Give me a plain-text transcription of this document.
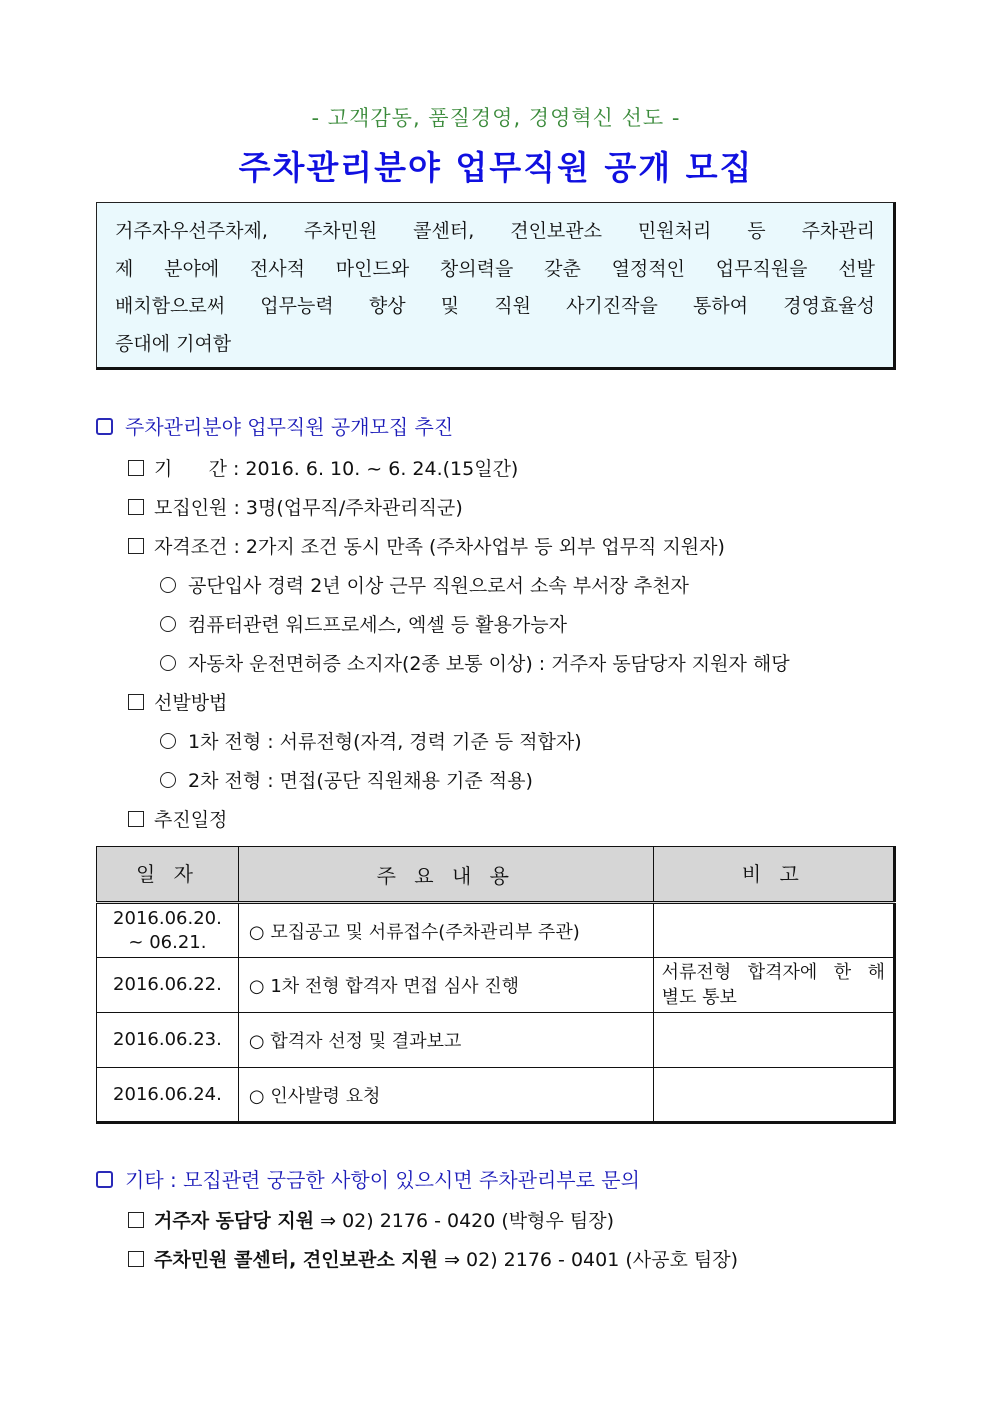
- 고객감동, 품질경영, 경영혁신 선도 -
주차관리분야 업무직원 공개 모집
거주자우선주차제, 주차민원 콜센터, 견인보관소 민원처리 등 주차관리
제 분야에 전사적 마인드와 창의력을 갖춘 열정적인 업무직원을 선발
배치함으로써 업무능력 향상 및 직원 사기진작을 통하여 경영효율성
증대에 기여함
주차관리분야 업무직원 공개모집 추진
기      간 : 2016. 6. 10. ~ 6. 24.(15일간)
모집인원 : 3명(업무직/주차관리직군)
자격조건 : 2가지 조건 동시 만족 (주차사업부 등 외부 업무직 지원자)
공단입사 경력 2년 이상 근무 직원으로서 소속 부서장 추천자
컴퓨터관련 워드프로세스, 엑셀 등 활용가능자
자동차 운전면허증 소지자(2종 보통 이상) : 거주자 동담당자 지원자 해당
선발방법
1차 전형 : 서류전형(자격, 경력 기준 등 적합자)
2차 전형 : 면접(공단 직원채용 기준 적용)
추진일정
일 자	주 요 내 용	비 고

2016.06.20.
~ 06.21.	○ 모집공고 및 서류접수(주차관리부 주관)	
2016.06.22.	○ 1차 전형 합격자 면접 심사 진행	서류전형 합격자에 한 해
별도 통보
2016.06.23.	○ 합격자 선정 및 결과보고	
2016.06.24.	○ 인사발령 요청	
기타 : 모집관련 궁금한 사항이 있으시면 주차관리부로 문의
거주자 동담당 지원 ⇒ 02) 2176 - 0420 (박형우 팀장)
주차민원 콜센터, 견인보관소 지원 ⇒ 02) 2176 - 0401 (사공호 팀장)
